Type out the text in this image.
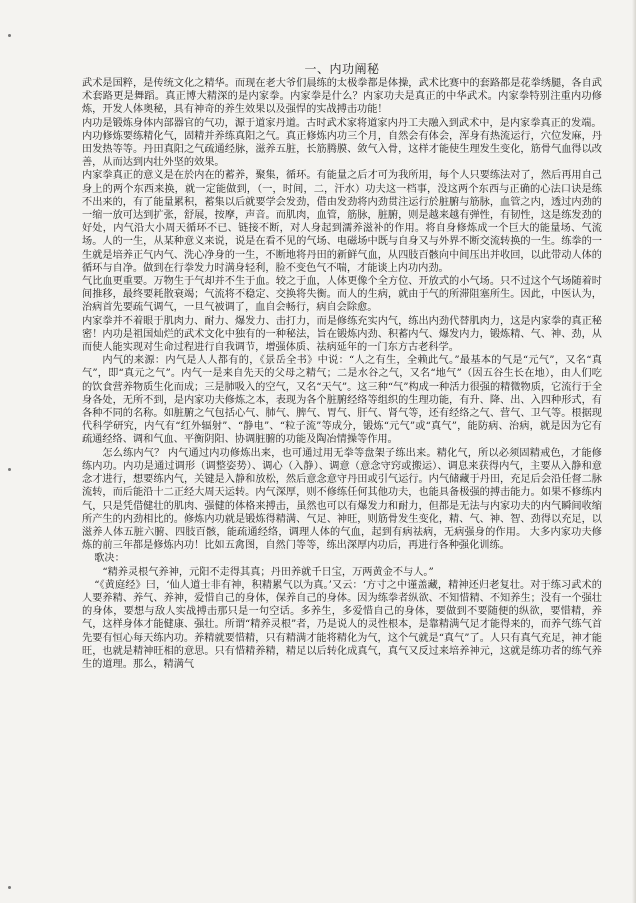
一、内功阐秘

武术是国粹，是传统文化之精华。而现在老大爷们晨练的太极拳都是体操，武术比赛中的套路都是花拳绣腿，各自武术套路更是舞蹈。真正博大精深的是内家拳。内家拳是什么？内家功夫是真正的中华武术。内家拳特别注重内功修炼，开发人体奥秘，具有神奇的养生效果以及强悍的实战搏击功能！

内功是锻炼身体内部器官的气功，源于道家丹道。古时武术家将道家内丹工夫融入到武术中，是内家拳真正的发端。

内功修炼要练精化气，固精并养练真阳之气。真正修炼内功三个月，自然会有体会，浑身有热流运行，穴位发麻，丹田发热等等。丹田真阳之气疏通经脉，滋养五脏，长筋腾膜、敛气入骨，这样才能使生理发生变化，筋骨气血得以改善，从而达到内壮外坚的效果。

内家拳真正的意义是在於内在的蓄养，聚集，循环。有能量之后才可为我所用，每个人只要练法对了，然后再用自己身上的两个东西来换，就一定能做到，（一，时间，二，汗水）功夫这一档事，没这两个东西与正确的心法口诀是练不出来的，有了能量累积，蓄集以后就要学会发劲，借由发劲将内劲贯注运行於脏腑与筋脉，血管之内，透过内劲的一缩一放可达到扩张，舒展，按摩，声音。而肌肉，血管，筋脉，脏腑，则是越来越有弹性，有韧性，这是练发劲的好处，内气沿大小周天循环不已、链接不断，对人身起到濡养滋补的作用。将自身修炼成一个巨大的能量场、气流场。人的一生，从某种意义来说，说是在看不见的气场、电磁场中既与自身又与外界不断交流转换的一生。练拳的一生就是培养正气内气、洗心净身的一生，不断地将丹田的新鲜气血，从四肢百骸向中间压出并收回，以此带动人体的循环与自净。做到在行拳发力时满身轻利，脸不变色气不喘，才能谈上内功内劲。

气比血更重要。万物生于气却并不生于血。较之于血，人体更像个全方位、开放式的小气场。只不过这个气场随着时间推移，最终要耗散衰竭；气流将不稳定、交换将失衡。而人的生病，就由于气的所滞阻塞所生。因此，中医认为，治病首先要疏气调气，一旦气被调了，血自会畅行，病自会除愈。

内家拳并不着眼于肌肉力、耐力、爆发力、击打力，而是修练充实内气，练出内劲代替肌肉力，这是内家拳的真正秘密！内功是祖国灿烂的武术文化中独有的一种秘法，旨在锻炼内劲、积蓄内气、爆发内力，锻炼精、气、神、劲，从而使人能实现对生命过程进行自我调节，增强体质、祛病延年的一门东方古老科学。

内气的来源：内气是人人都有的，《景岳全书》中说：“人之有生，全赖此气。”最基本的气是“元气”，又名“真气”，即“真元之气”。内气一是来自先天的父母之精气；二是水谷之气，又名“地气”（因五谷生长在地），由人们吃的饮食营养物质生化而成；三是肺吸入的空气，又名“天气”。这三种“气”构成一种活力很强的精微物质，它流行于全身各处，无所不到，是内家功夫修炼之本，表现为各个脏腑经络等组织的生理功能，有升、降、出、入四种形式，有各种不同的名称。如脏腑之气包括心气、肺气、脾气、胃气、肝气、肾气等，还有经络之气、营气、卫气等。根据现代科学研究，内气有“红外辐射”、“静电”、“粒子流”等成分，锻炼“元气”或“真气”，能防病、治病，就是因为它有疏通经络、调和气血、平衡阴阳、协调脏腑的功能及陶冶情操等作用。

怎么练内气？ 内气通过内功修炼出来，也可通过用无拳等盘架子练出来。精化气，所以必须固精戒色，才能修练内功。内功是通过调形（调整姿势）、调心（入静）、调意（意念守窍或搬运）、调息来获得内气，主要从入静和意念才进行，想要练内气，关键是入静和放松，然后意念意守丹田或引气运行。内气储藏于丹田，充足后会沿任督二脉流转，而后能沿十二正经大周天运转。内气深厚，则不修练任何其他功夫，也能具备极强的搏击能力。如果不修练内气，只是凭借健壮的肌肉、强健的体格来搏击，虽然也可以有爆发力和耐力，但都是无法与内家功夫的内气瞬间收缩所产生的内劲相比的。修炼内功就是锻炼得精满、气足、神旺，则筋骨发生变化，精、气、神、智、劲得以充足，以滋养人体五脏六腑、四肢百骸，能疏通经络，调理人体的气血，起到有病祛病，无病强身的作用。 大多内家功夫修炼的前三年都是修炼内功！比如五禽图，自然门等等，练出深厚内功后，再进行各种强化训练。

歌决：

“精养灵根气养神，元阳不走得其真；丹田养就千日宝，万两黄金不与人。”

“《黄庭经》曰，‘仙人道士非有神，积精累气以为真。’又云：‘方寸之中谨盖藏，精神还归老复壮。对于练习武术的人要养精、养气、养神，爱惜自己的身体，保养自己的身体。因为练拳者纵欲、不知惜精、不知养生；没有一个强壮的身体，要想与敌人实战搏击那只是一句空话。多养生，多爱惜自己的身体，要做到不要随便的纵欲，要惜精，养气，这样身体才能健康、强壮。所谓“精养灵根”者，乃是说人的灵性根本，是靠精满气足才能得来的，而养气练气首先要有恒心每天练内功。养精就要惜精，只有精满才能将精化为气，这个气就是“真气”了。人只有真气充足，神才能旺，也就是精神旺相的意思。只有惜精养精，精足以后转化成真气，真气又反过来培养神元，这就是练功者的练气养生的道理。那么，精满气
